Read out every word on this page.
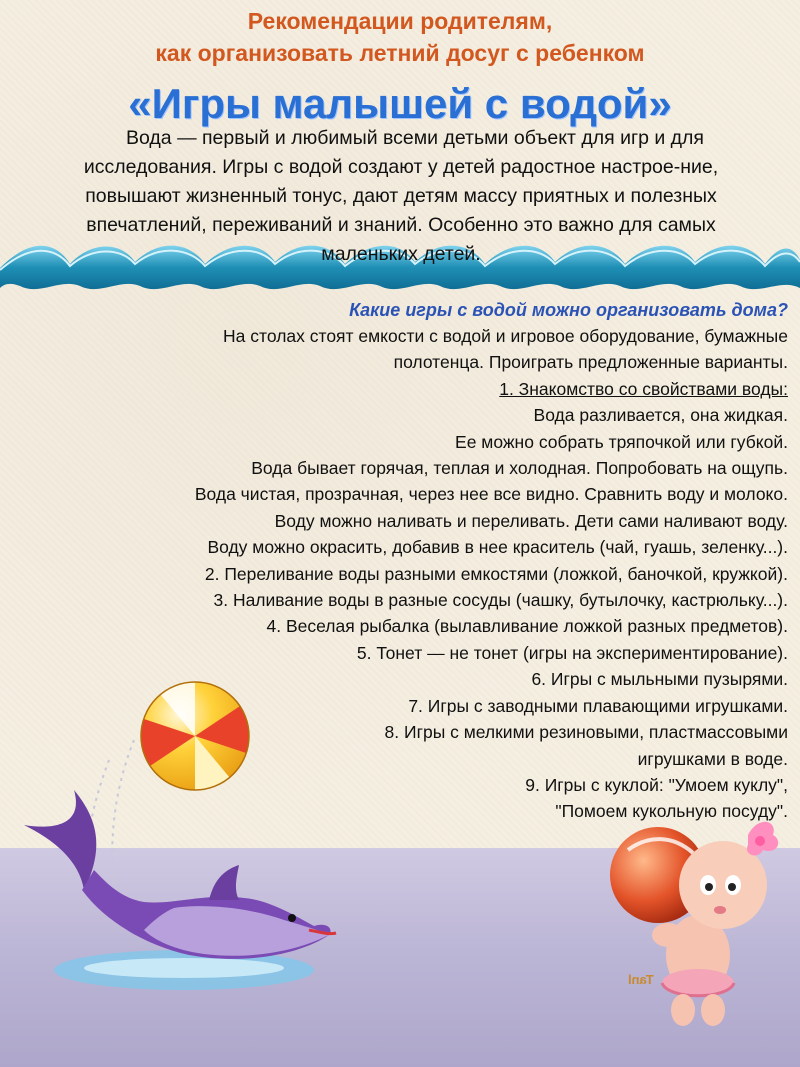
Рекомендации родителям,
как организовать летний досуг с ребенком
«Игры малышей с водой»
Вода — первый и любимый всеми детьми объект для игр и для
исследования. Игры с водой создают у детей радостное настрое-ние,
повышают жизненный тонус, дают детям массу приятных и полезных
впечатлений, переживаний и знаний. Особенно это важно для самых
маленьких детей.
Какие игры с водой можно организовать дома?
На столах стоят емкости с водой и игровое оборудование, бумажные
полотенца. Проиграть предложенные варианты.
1. Знакомство со свойствами воды:
Вода разливается, она жидкая.
Ее можно собрать тряпочкой или губкой.
Вода бывает горячая, теплая и холодная. Попробовать на ощупь.
Вода чистая, прозрачная, через нее все видно. Сравнить воду и молоко.
Воду можно наливать и переливать. Дети сами наливают воду.
Воду можно окрасить, добавив в нее краситель (чай, гуашь, зеленку...).
2. Переливание воды разными емкостями (ложкой, баночкой, кружкой).
3. Наливание воды в разные сосуды (чашку, бутылочку, кастрюльку...).
4. Веселая рыбалка (вылавливание ложкой разных предметов).
5. Тонет — не тонет (игры на экспериментирование).
6. Игры с мыльными пузырями.
7. Игры с заводными плавающими игрушками.
8. Игры с мелкими резиновыми, пластмассовыми
игрушками в воде.
9. Игры с куклой: "Умоем куклу",
"Помоем кукольную посуду".
Tanl
